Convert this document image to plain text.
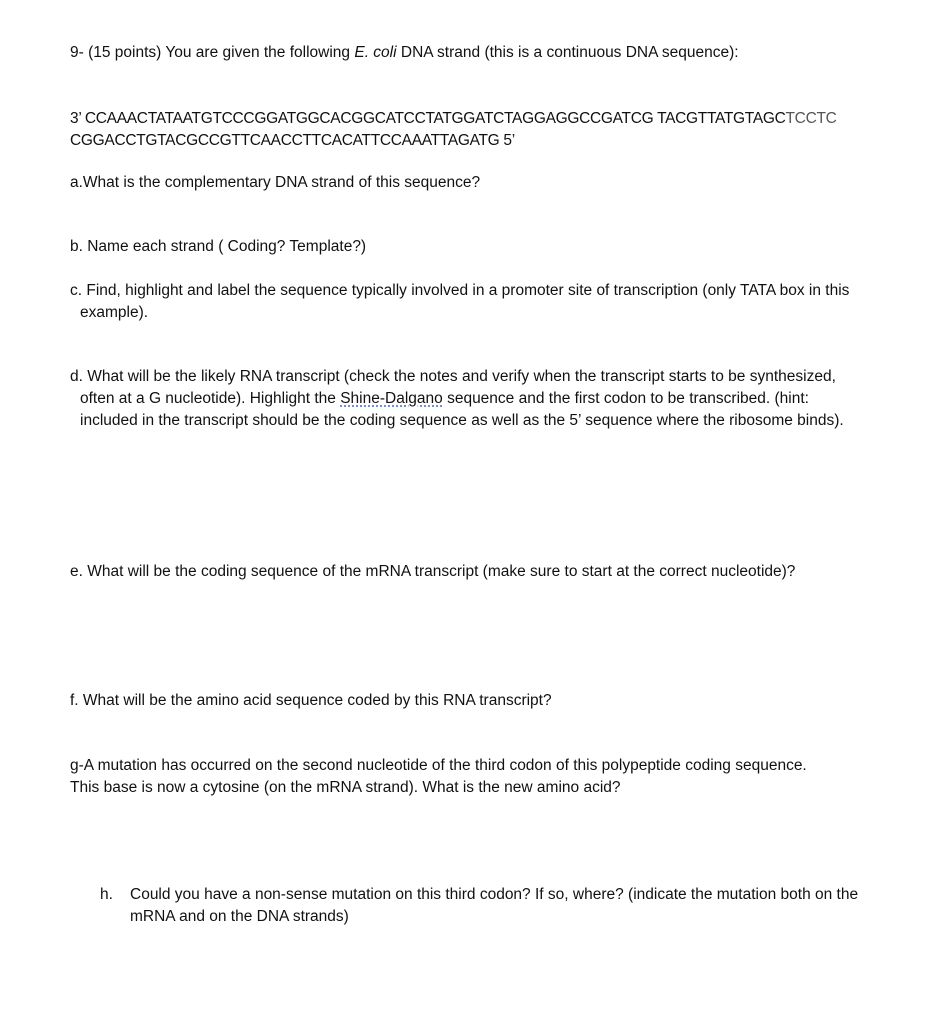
9- (15 points) You are given the following E. coli DNA strand (this is a continuous DNA sequence):

3’ CCAAACTATAATGTCCCGGATGGCACGGCATCCTATGGATCTAGGAGGCCGATCG TACGTTATGTAGCTCCTC
CGGACCTGTACGCCGTTCAACCTTCACATTCCAAATTAGATG 5’

a.What is the complementary DNA strand of this sequence?

b. Name each strand ( Coding? Template?)

c. Find, highlight and label the sequence typically involved in a promoter site of transcription (only TATA box in this example).

d. What will be the likely RNA transcript (check the notes and verify when the transcript starts to be synthesized, often at a G nucleotide). Highlight the Shine-Dalgano sequence and the first codon to be transcribed. (hint: included in the transcript should be the coding sequence as well as the 5’ sequence where the ribosome binds).

e. What will be the coding sequence of the mRNA transcript (make sure to start at the correct nucleotide)?

f. What will be the amino acid sequence coded by this RNA transcript?

g-A mutation has occurred on the second nucleotide of the third codon of this polypeptide coding sequence. This base is now a cytosine (on the mRNA strand). What is the new amino acid?

h. Could you have a non-sense mutation on this third codon? If so, where? (indicate the mutation both on the mRNA and on the DNA strands)
